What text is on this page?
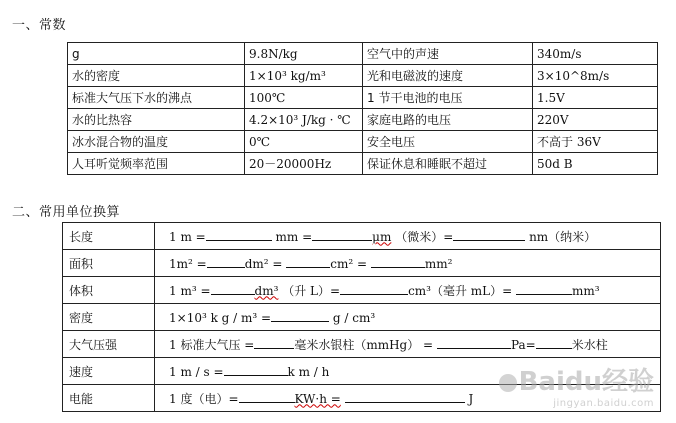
一、常数
g	9.8N/kg	空气中的声速	340m/s
水的密度	1×10³ kg/m³	光和电磁波的速度	3×10^8m/s
标准大气压下水的沸点	100℃	1 节干电池的电压	1.5V
水的比热容	4.2×10³ J/kg · ℃	家庭电路的电压	220V
冰水混合物的温度	0℃	安全电压	不高于 36V
人耳听觉频率范围	20－20000Hz	保证休息和睡眠不超过	50d B
二、常用单位换算
长度	1 m = mm = μm （微米）= nm（纳米）
面积	1m² = dm² = cm² = mm²
体积	1 m³ = dm³ （升 L）= cm³（毫升 mL）= mm³
密度	1×10³ k g / m³ = g / cm³
大气压强	1 标准大气压 = 毫米水银柱（mmHg） = Pa= 米水柱
速度	1 m / s = k m / h
电能	1 度（电）= KW·h = J
Baidu经验
jingyan.baidu.com
